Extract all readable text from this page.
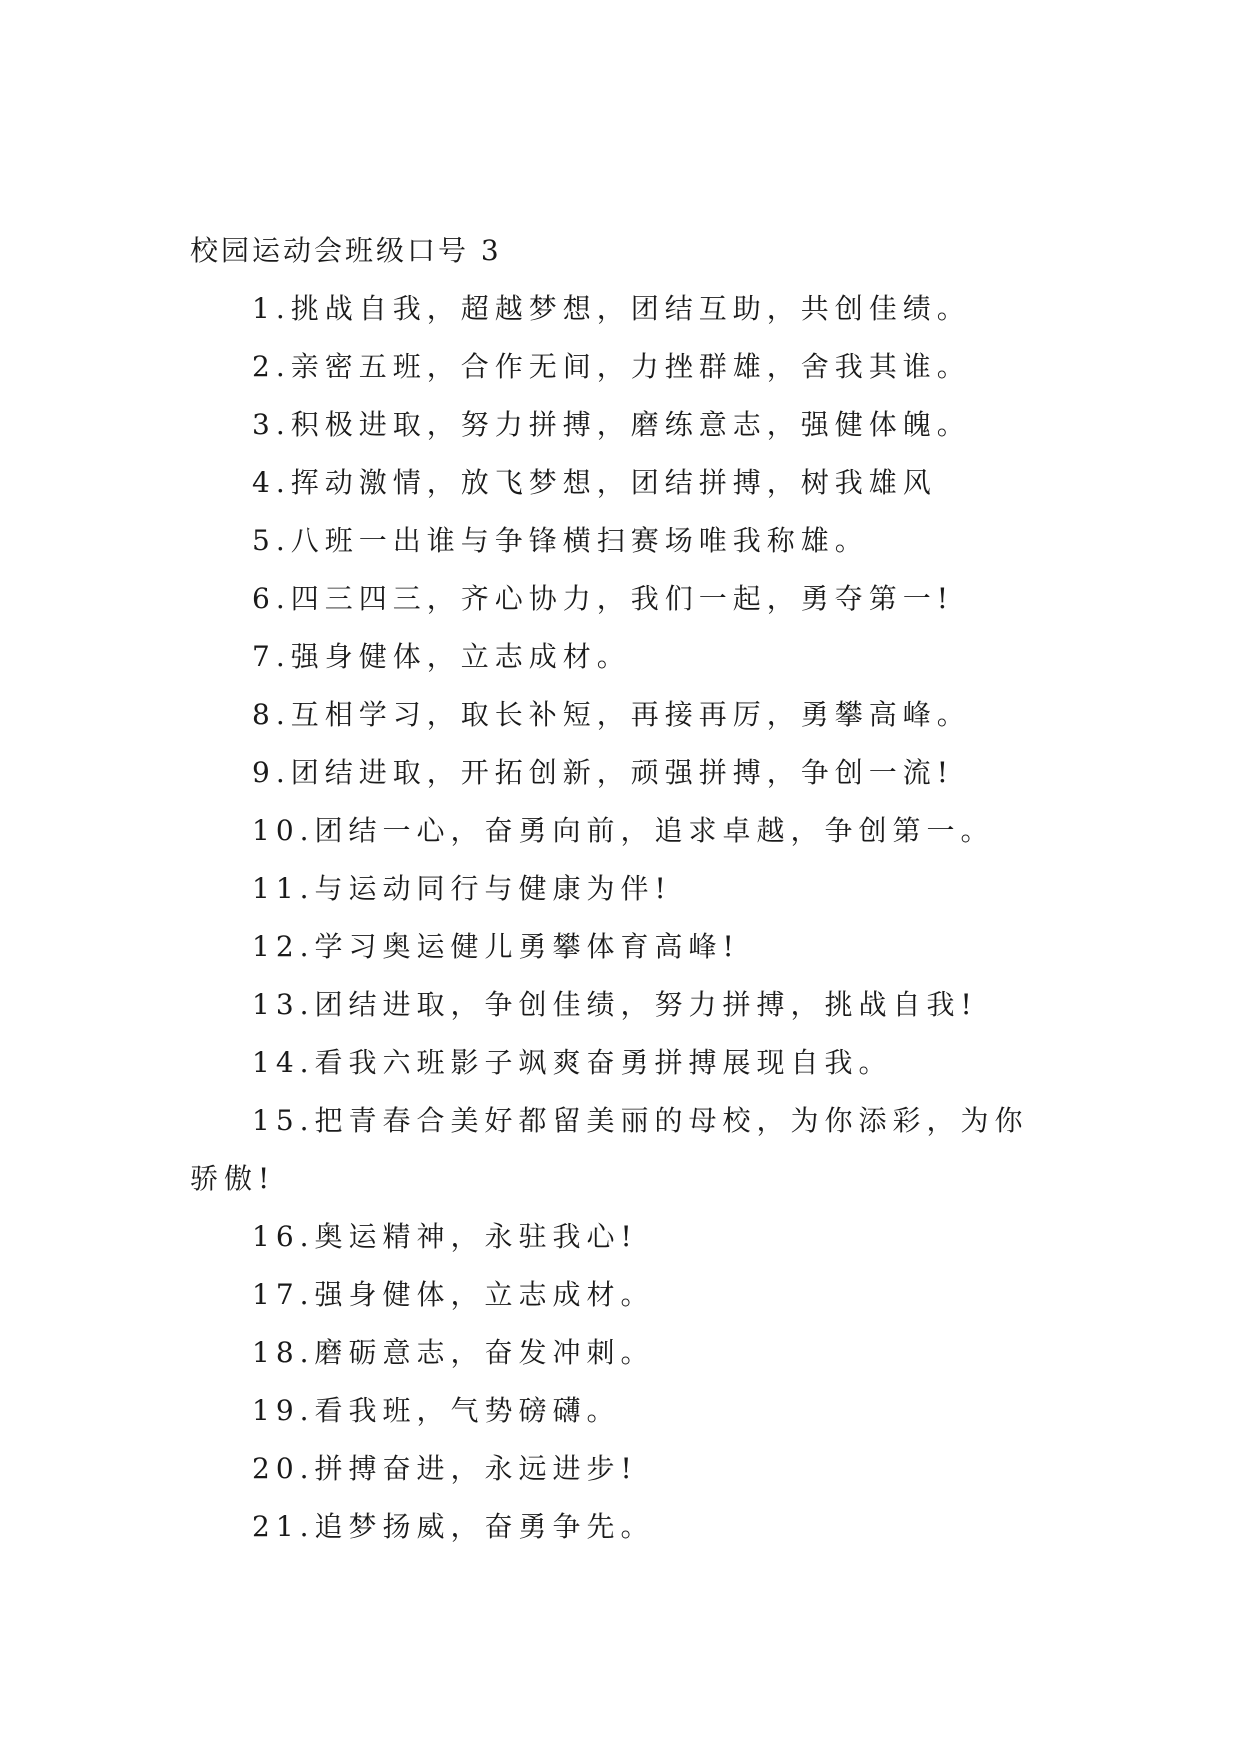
校园运动会班级口号 3
1.挑战自我，超越梦想，团结互助，共创佳绩。
2.亲密五班，合作无间，力挫群雄，舍我其谁。
3.积极进取，努力拼搏，磨练意志，强健体魄。
4.挥动激情，放飞梦想，团结拼搏，树我雄风
5.八班一出谁与争锋横扫赛场唯我称雄。
6.四三四三，齐心协力，我们一起，勇夺第一!
7.强身健体，立志成材。
8.互相学习，取长补短，再接再厉，勇攀高峰。
9.团结进取，开拓创新，顽强拼搏，争创一流!
10.团结一心，奋勇向前，追求卓越，争创第一。
11.与运动同行与健康为伴!
12.学习奥运健儿勇攀体育高峰!
13.团结进取，争创佳绩，努力拼搏，挑战自我!
14.看我六班影子飒爽奋勇拼搏展现自我。
15.把青春合美好都留美丽的母校，为你添彩，为你骄傲!
16.奥运精神，永驻我心!
17.强身健体，立志成材。
18.磨砺意志，奋发冲刺。
19.看我班，气势磅礴。
20.拼搏奋进，永远进步!
21.追梦扬威，奋勇争先。
